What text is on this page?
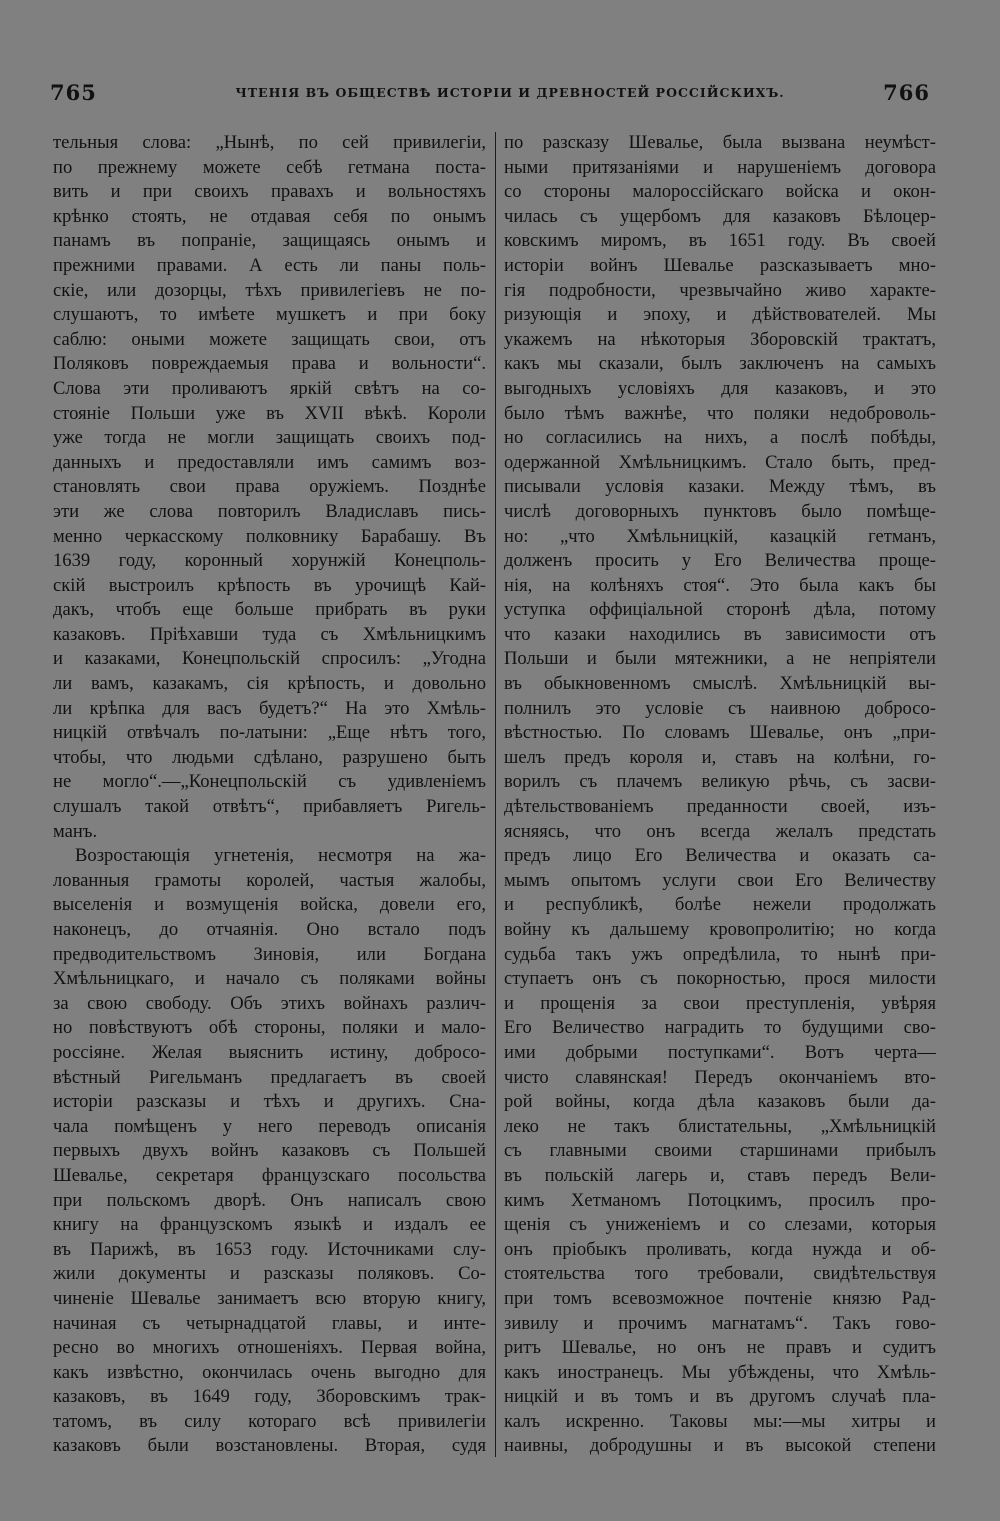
765	ЧТЕНІЯ ВЪ ОБЩЕСТВѢ ИСТОРІИ И ДРЕВНОСТЕЙ РОССІЙСКИХЪ.	766
тельныя слова: „Нынѣ, по сей привилегіи,
по прежнему можете себѣ гетмана поста-
вить и при своихъ правахъ и вольностяхъ
крѣнко стоять, не отдавая себя по онымъ
панамъ въ попраніе, защищаясь онымъ и
прежними правами. А есть ли паны поль-
скіе, или дозорцы, тѣхъ привилегіевъ не по-
слушаютъ, то имѣете мушкетъ и при боку
саблю: оными можете защищать свои, отъ
Поляковъ повреждаемыя права и вольности“.
Слова эти проливаютъ яркій свѣтъ на со-
стояніе Польши уже въ XVII вѣкѣ. Короли
уже тогда не могли защищать своихъ под-
данныхъ и предоставляли имъ самимъ воз-
становлять свои права оружіемъ. Позднѣе
эти же слова повторилъ Владиславъ пись-
менно черкасскому полковнику Барабашу. Въ
1639 году, коронный хорунжій Конецполь-
скій выстроилъ крѣпость въ урочищѣ Кай-
дакъ, чтобъ еще больше прибрать въ руки
казаковъ. Пріѣхавши туда съ Хмѣльницкимъ
и казаками, Конецпольскій спросилъ: „Угодна
ли вамъ, казакамъ, сія крѣпость, и довольно
ли крѣпка для васъ будетъ?“ На это Хмѣль-
ницкій отвѣчалъ по-латыни: „Еще нѣтъ того,
чтобы, что людьми сдѣлано, разрушено быть
не могло“.—„Конецпольскій съ удивленіемъ
слушалъ такой отвѣтъ“, прибавляетъ Ригель-
манъ.
Возростающія угнетенія, несмотря на жа-
лованныя грамоты королей, частыя жалобы,
выселенія и возмущенія войска, довели его,
наконецъ, до отчаянія. Оно встало подъ
предводительствомъ Зиновія, или Богдана
Хмѣльницкаго, и начало съ поляками войны
за свою свободу. Объ этихъ войнахъ различ-
но повѣствуютъ обѣ стороны, поляки и мало-
россіяне. Желая выяснить истину, добросо-
вѣстный Ригельманъ предлагаетъ въ своей
исторіи разсказы и тѣхъ и другихъ. Сна-
чала помѣщенъ у него переводъ описанія
первыхъ двухъ войнъ казаковъ съ Польшей
Шевалье, секретаря французскаго посольства
при польскомъ дворѣ. Онъ написалъ свою
книгу на французскомъ языкѣ и издалъ ее
въ Парижѣ, въ 1653 году. Источниками слу-
жили документы и разсказы поляковъ. Со-
чиненіе Шевалье занимаетъ всю вторую книгу,
начиная съ четырнадцатой главы, и инте-
ресно во многихъ отношеніяхъ. Первая война,
какъ извѣстно, окончилась очень выгодно для
казаковъ, въ 1649 году, Зборовскимъ трак-
татомъ, въ силу котораго всѣ привилегіи
казаковъ были возстановлены. Вторая, судя
по разсказу Шевалье, была вызвана неумѣст-
ными притязаніями и нарушеніемъ договора
со стороны малороссійскаго войска и окон-
чилась съ ущербомъ для казаковъ Бѣлоцер-
ковскимъ миромъ, въ 1651 году. Въ своей
исторіи войнъ Шевалье разсказываетъ мно-
гія подробности, чрезвычайно живо характе-
ризующія и эпоху, и дѣйствователей. Мы
укажемъ на нѣкоторыя Зборовскій трактатъ,
какъ мы сказали, былъ заключенъ на самыхъ
выгодныхъ условіяхъ для казаковъ, и это
было тѣмъ важнѣе, что поляки недоброволь-
но согласились на нихъ, а послѣ побѣды,
одержанной Хмѣльницкимъ. Стало быть, пред-
писывали условія казаки. Между тѣмъ, въ
числѣ договорныхъ пунктовъ было помѣще-
но: „что Хмѣльницкій, казацкій гетманъ,
долженъ просить у Его Величества проще-
нія, на колѣняхъ стоя“. Это была какъ бы
уступка оффиціальной сторонѣ дѣла, потому
что казаки находились въ зависимости отъ
Польши и были мятежники, а не непріятели
въ обыкновенномъ смыслѣ. Хмѣльницкій вы-
полнилъ это условіе съ наивною добросо-
вѣстностью. По словамъ Шевалье, онъ „при-
шелъ предъ короля и, ставъ на колѣни, го-
ворилъ съ плачемъ великую рѣчь, съ засви-
дѣтельствованіемъ преданности своей, изъ-
ясняясь, что онъ всегда желалъ предстать
предъ лицо Его Величества и оказать са-
мымъ опытомъ услуги свои Его Величеству
и республикѣ, болѣе нежели продолжать
войну къ дальшему кровопролитію; но когда
судьба такъ ужъ опредѣлила, то нынѣ при-
ступаетъ онъ съ покорностью, прося милости
и прощенія за свои преступленія, увѣряя
Его Величество наградить то будущими сво-
ими добрыми поступками“. Вотъ черта—
чисто славянская! Передъ окончаніемъ вто-
рой войны, когда дѣла казаковъ были да-
леко не такъ блистательны, „Хмѣльницкій
съ главными своими старшинами прибылъ
въ польскій лагерь и, ставъ передъ Вели-
кимъ Хетманомъ Потоцкимъ, просилъ про-
щенія съ униженіемъ и со слезами, которыя
онъ пріобыкъ проливать, когда нужда и об-
стоятельства того требовали, свидѣтельствуя
при томъ всевозможное почтеніе князю Рад-
зивилу и прочимъ магнатамъ“. Такъ гово-
ритъ Шевалье, но онъ не правъ и судитъ
какъ иностранецъ. Мы убѣждены, что Хмѣль-
ницкій и въ томъ и въ другомъ случаѣ пла-
калъ искренно. Таковы мы:—мы хитры и
наивны, добродушны и въ высокой степени
